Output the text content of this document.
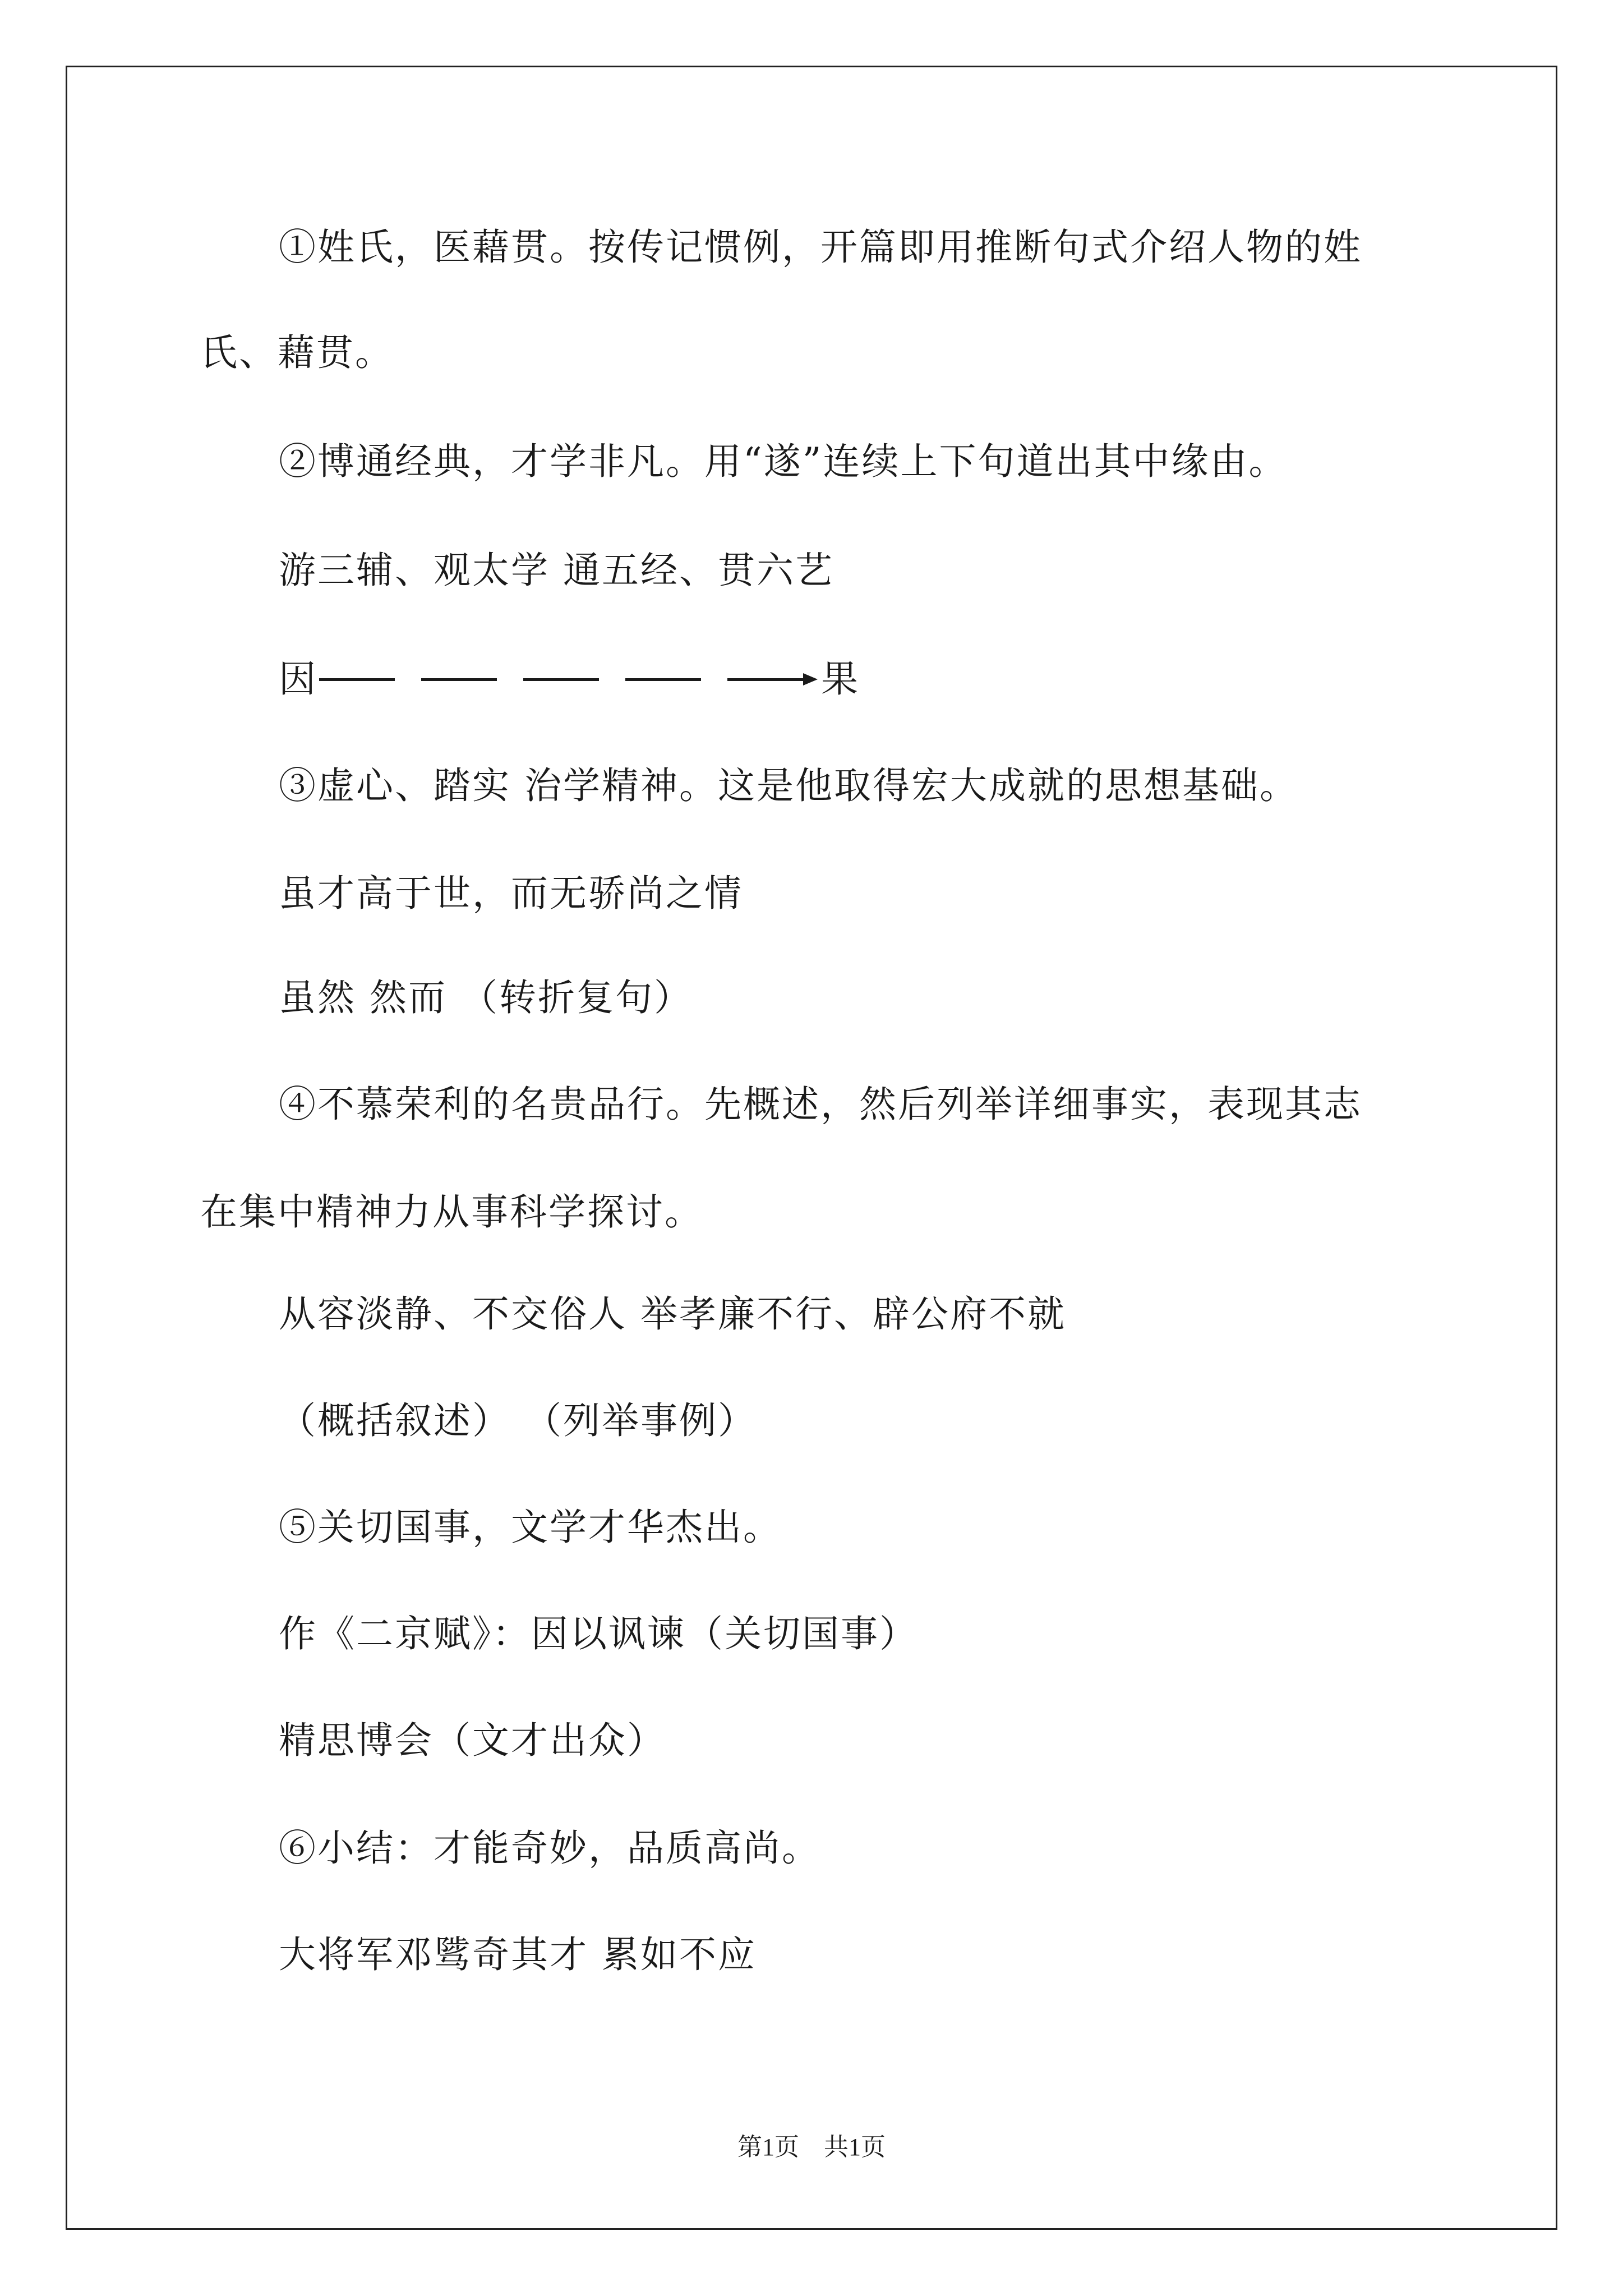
①姓氏，医藉贯。按传记惯例，开篇即用推断句式介绍人物的姓
氏、藉贯。
②博通经典，才学非凡。用“遂”连续上下句道出其中缘由。
游三辅、观太学 通五经、贯六艺
因	果
③虚心、踏实 治学精神。这是他取得宏大成就的思想基础。
虽才高于世，而无骄尚之情
虽然 然而 （转折复句）
④不慕荣利的名贵品行。先概述，然后列举详细事实，表现其志
在集中精神力从事科学探讨。
从容淡静、不交俗人 举孝廉不行、辟公府不就
（概括叙述） （列举事例）
⑤关切国事，文学才华杰出。
作《二京赋》：因以讽谏（关切国事）
精思博会（文才出众）
⑥小结：才能奇妙，品质高尚。
大将军邓骘奇其才 累如不应
第1页　共1页
